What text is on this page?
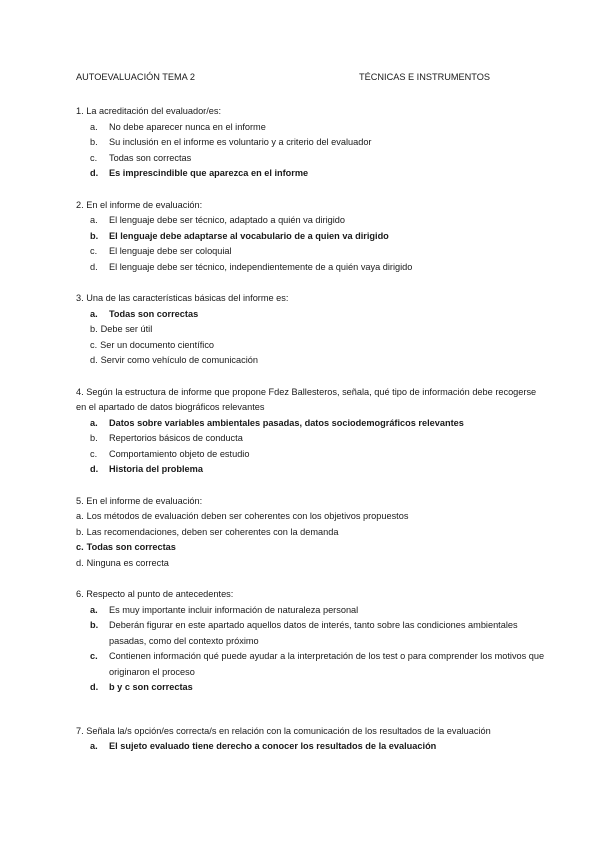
AUTOEVALUACIÓN TEMA 2	TÉCNICAS E INSTRUMENTOS
1. La acreditación del evaluador/es:
a. No debe aparecer nunca en el informe
b. Su inclusión en el informe es voluntario y a criterio del evaluador
c. Todas son correctas
d. Es imprescindible que aparezca en el informe
2. En el informe de evaluación:
a. El lenguaje debe ser técnico, adaptado a quién va dirigido
b. El lenguaje debe adaptarse al vocabulario de a quien va dirigido
c. El lenguaje debe ser coloquial
d. El lenguaje debe ser técnico, independientemente de a quién vaya dirigido
3. Una de las características básicas del informe es:
a. Todas son correctas
b. Debe ser útil
c. Ser un documento científico
d. Servir como vehículo de comunicación
4. Según la estructura de informe que propone Fdez Ballesteros, señala, qué tipo de información debe recogerse en el apartado de datos biográficos relevantes
a. Datos sobre variables ambientales pasadas, datos sociodemográficos relevantes
b. Repertorios básicos de conducta
c. Comportamiento objeto de estudio
d. Historia del problema
5. En el informe de evaluación:
a. Los métodos de evaluación deben ser coherentes con los objetivos propuestos
b. Las recomendaciones, deben ser coherentes con la demanda
c. Todas son correctas
d. Ninguna es correcta
6. Respecto al punto de antecedentes:
a. Es muy importante incluir información de naturaleza personal
b. Deberán figurar en este apartado aquellos datos de interés, tanto sobre las condiciones ambientales pasadas, como del contexto próximo
c. Contienen información qué puede ayudar a la interpretación de los test o para comprender los motivos que originaron el proceso
d. b y c son correctas
7. Señala la/s opción/es correcta/s en relación con la comunicación de los resultados de la evaluación
a. El sujeto evaluado tiene derecho a conocer los resultados de la evaluación
